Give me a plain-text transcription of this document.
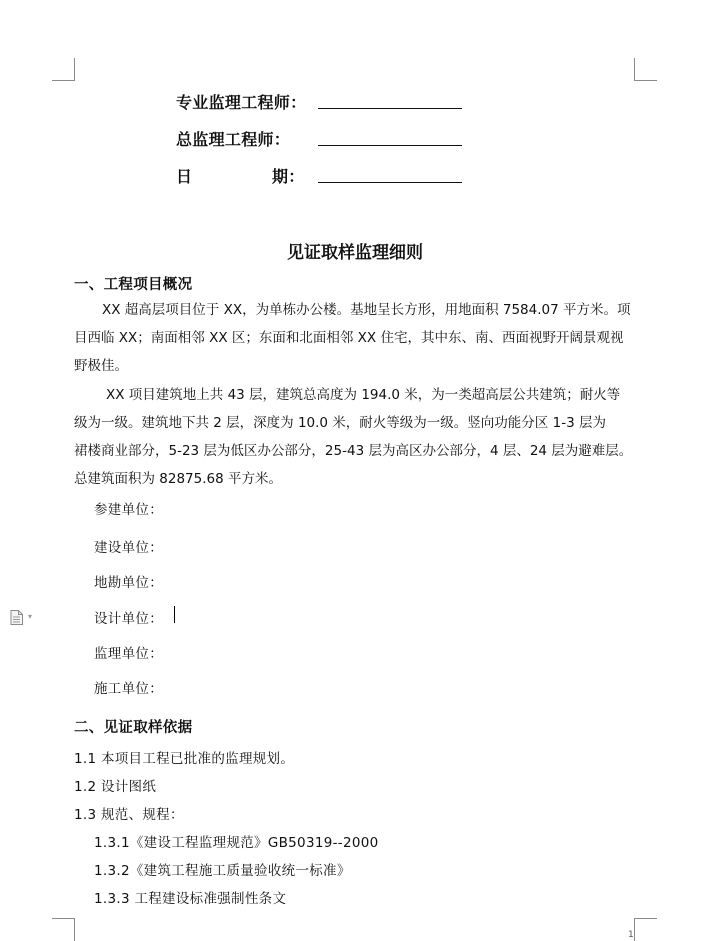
专业监理工程师：
总监理工程师：
日	期：
见证取样监理细则
一、工程项目概况
XX 超高层项目位于 XX，为单栋办公楼。基地呈长方形，用地面积 7584.07 平方米。项
目西临 XX；南面相邻 XX 区；东面和北面相邻 XX 住宅，其中东、南、西面视野开阔景观视
野极佳。
XX 项目建筑地上共 43 层，建筑总高度为 194.0 米，为一类超高层公共建筑；耐火等
级为一级。建筑地下共 2 层，深度为 10.0 米，耐火等级为一级。竖向功能分区 1-3 层为
裙楼商业部分，5-23 层为低区办公部分，25-43 层为高区办公部分，4 层、24 层为避难层。
总建筑面积为 82875.68 平方米。
参建单位：
建设单位：
地勘单位：
设计单位：
监理单位：
施工单位：
二、见证取样依据
1.1 本项目工程已批准的监理规划。
1.2 设计图纸
1.3 规范、规程：
1.3.1《建设工程监理规范》GB50319--2000
1.3.2《建筑工程施工质量验收统一标准》
1.3.3 工程建设标准强制性条文
▾
1
